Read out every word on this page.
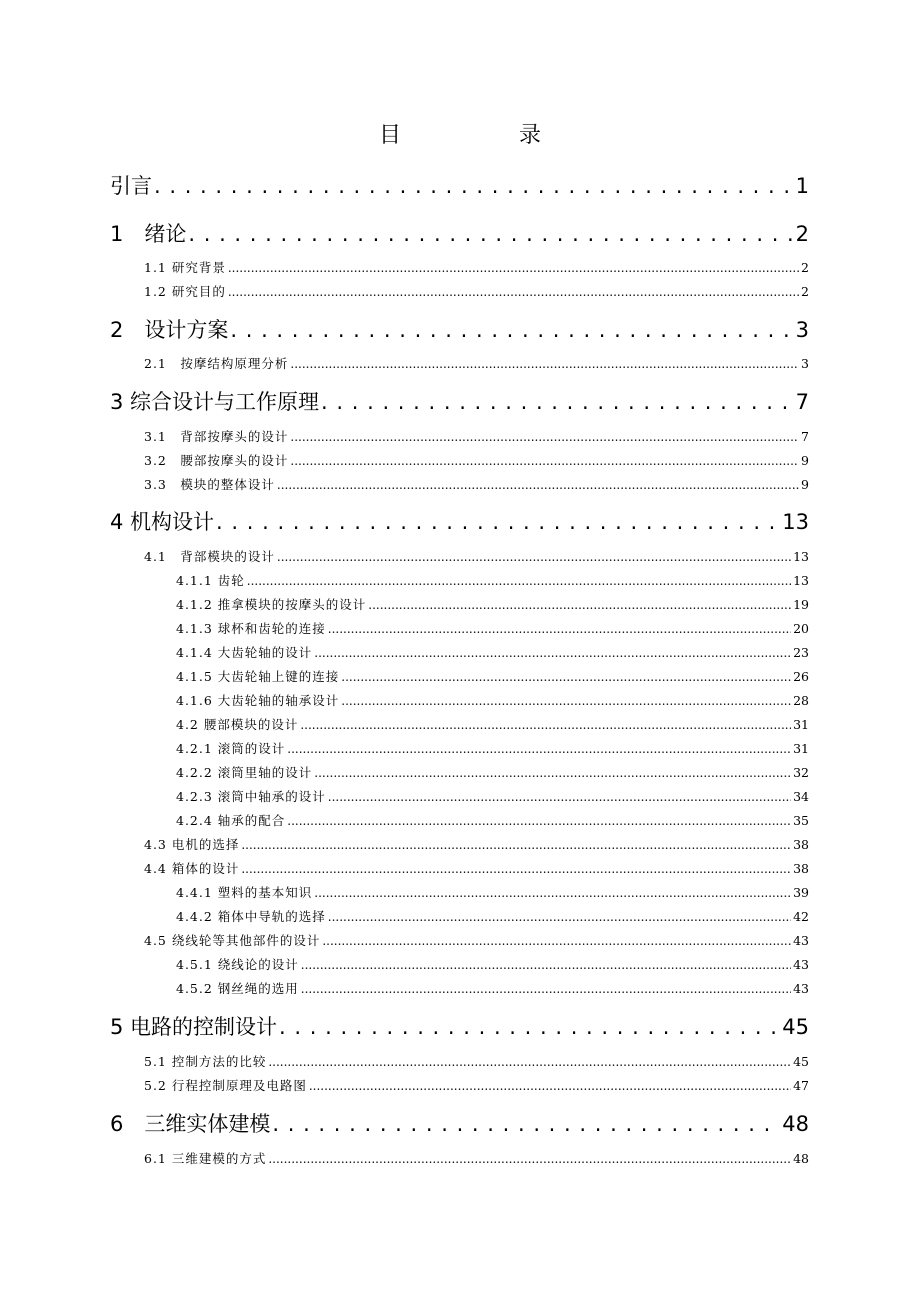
目　录
引言 . . .	1
1　绪论 . . .	2
1.1 研究背景 .....	2
1.2 研究目的 .....	2
2　设计方案 . . .	3
2.1　按摩结构原理分析 .....	3
3 综合设计与工作原理 . . .	7
3.1　背部按摩头的设计 .....	7
3.2　腰部按摩头的设计 .....	9
3.3　模块的整体设计 .....	9
4 机构设计 . . .	13
4.1　背部模块的设计 .....	13
4.1.1 齿轮 .....	13
4.1.2 推拿模块的按摩头的设计 .....	19
4.1.3 球杯和齿轮的连接 .....	20
4.1.4 大齿轮轴的设计 .....	23
4.1.5 大齿轮轴上键的连接 .....	26
4.1.6 大齿轮轴的轴承设计 .....	28
4.2 腰部模块的设计 .....	31
4.2.1 滚筒的设计 .....	31
4.2.2 滚筒里轴的设计 .....	32
4.2.3 滚筒中轴承的设计 .....	34
4.2.4 轴承的配合 .....	35
4.3 电机的选择 .....	38
4.4 箱体的设计 .....	38
4.4.1 塑料的基本知识 .....	39
4.4.2 箱体中导轨的选择 .....	42
4.5 绕线轮等其他部件的设计 .....	43
4.5.1 绕线论的设计 .....	43
4.5.2 钢丝绳的选用 .....	43
5 电路的控制设计 . . .	45
5.1 控制方法的比较 .....	45
5.2 行程控制原理及电路图 .....	47
6　三维实体建模 . . .	48
6.1 三维建模的方式 .....	48
